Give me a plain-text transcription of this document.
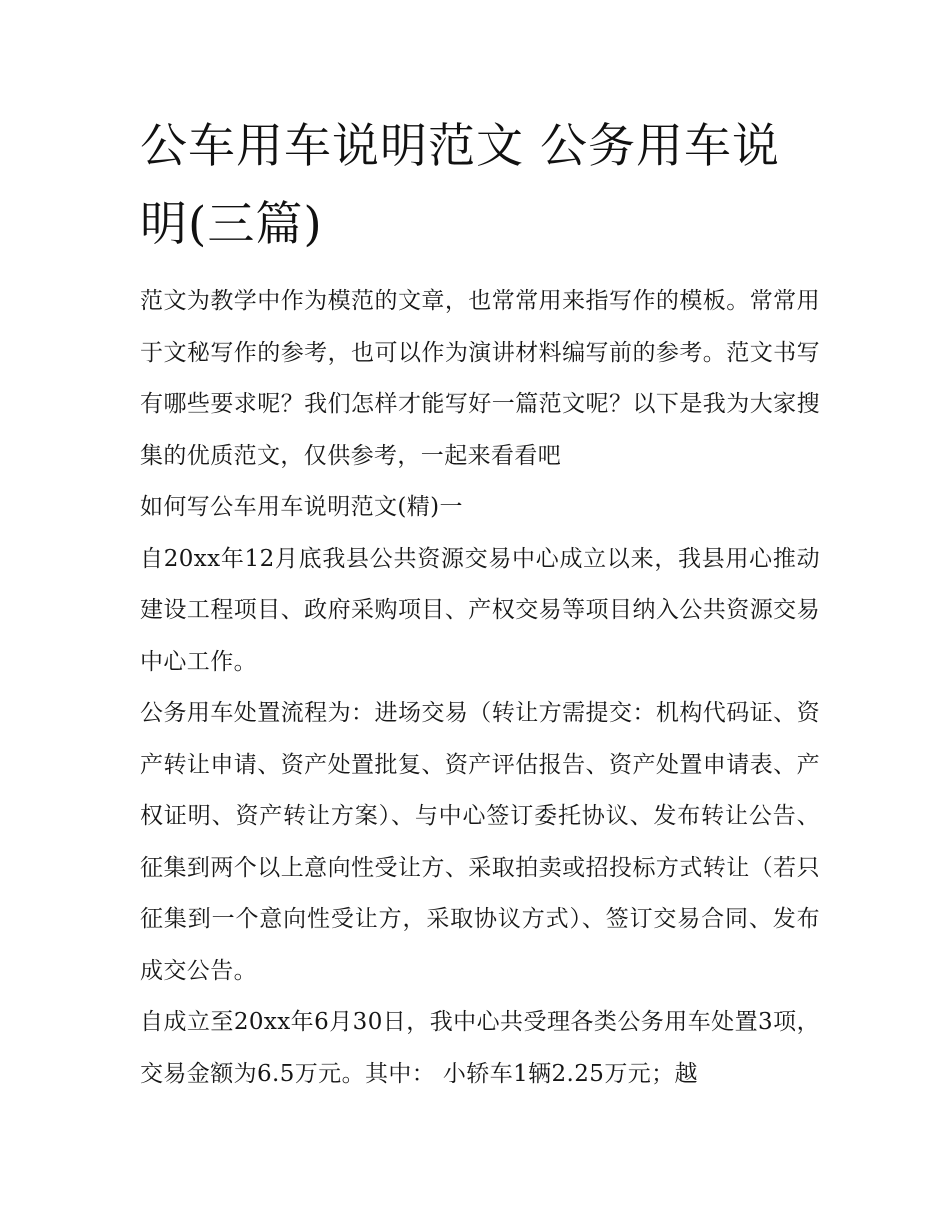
公车用车说明范文 公务用车说明(三篇)

范文为教学中作为模范的文章，也常常用来指写作的模板。常常用于文秘写作的参考，也可以作为演讲材料编写前的参考。范文书写有哪些要求呢？我们怎样才能写好一篇范文呢？以下是我为大家搜集的优质范文，仅供参考，一起来看看吧

如何写公车用车说明范文(精)一

自20xx年12月底我县公共资源交易中心成立以来，我县用心推动建设工程项目、政府采购项目、产权交易等项目纳入公共资源交易中心工作。

公务用车处置流程为：进场交易（转让方需提交：机构代码证、资产转让申请、资产处置批复、资产评估报告、资产处置申请表、产权证明、资产转让方案）、与中心签订委托协议、发布转让公告、征集到两个以上意向性受让方、采取拍卖或招投标方式转让（若只征集到一个意向性受让方，采取协议方式）、签订交易合同、发布成交公告。

自成立至20xx年6月30日，我中心共受理各类公务用车处置3项，交易金额为6.5万元。其中： 小轿车1辆2.25万元；越
